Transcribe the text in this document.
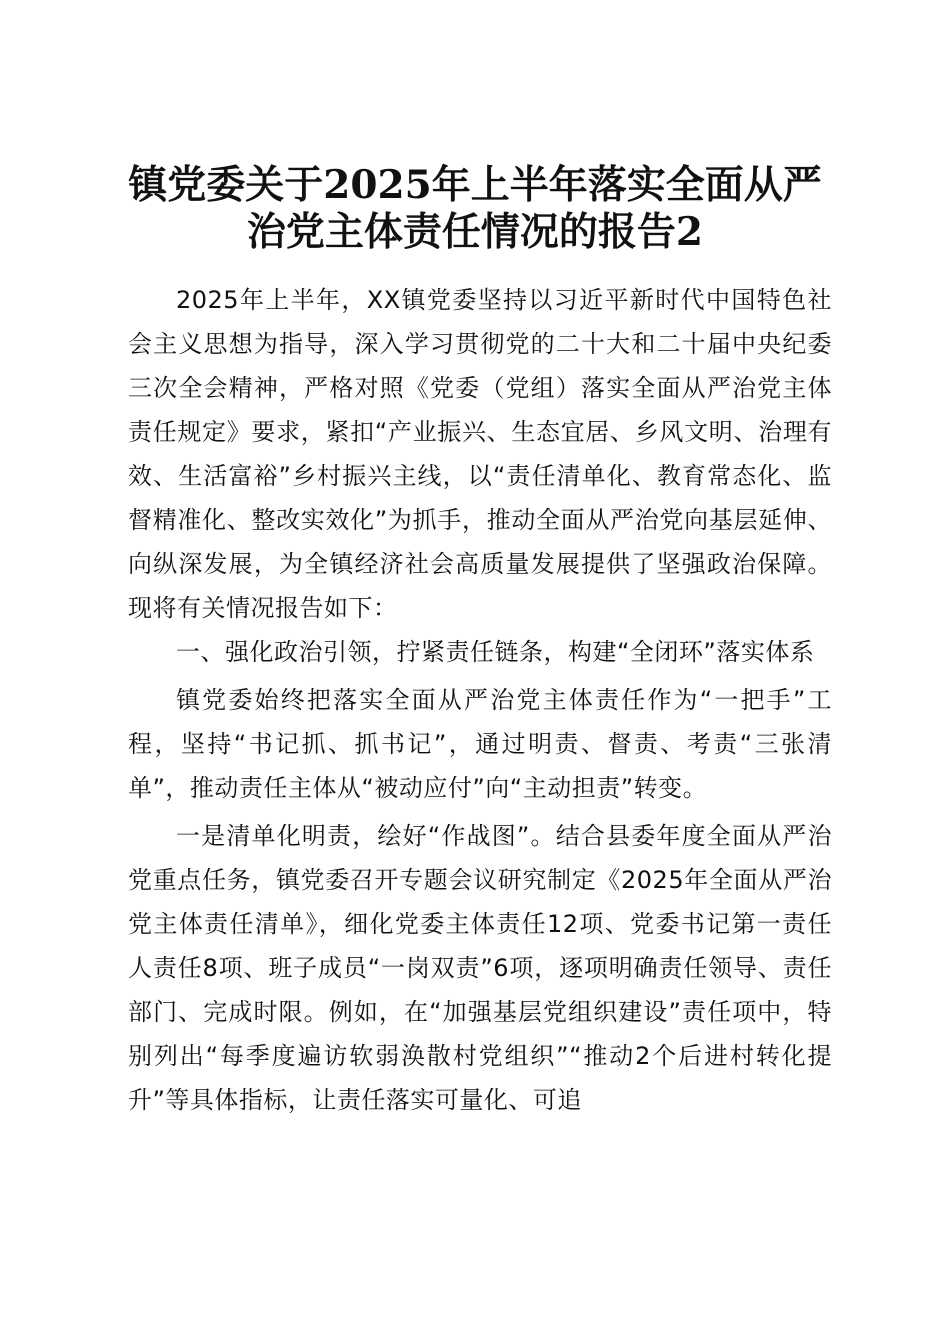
镇党委关于2025年上半年落实全面从严治党主体责任情况的报告2

2025年上半年，XX镇党委坚持以习近平新时代中国特色社会主义思想为指导，深入学习贯彻党的二十大和二十届中央纪委三次全会精神，严格对照《党委（党组）落实全面从严治党主体责任规定》要求，紧扣“产业振兴、生态宜居、乡风文明、治理有效、生活富裕”乡村振兴主线，以“责任清单化、教育常态化、监督精准化、整改实效化”为抓手，推动全面从严治党向基层延伸、向纵深发展，为全镇经济社会高质量发展提供了坚强政治保障。现将有关情况报告如下：

一、强化政治引领，拧紧责任链条，构建“全闭环”落实体系

镇党委始终把落实全面从严治党主体责任作为“一把手”工程，坚持“书记抓、抓书记”，通过明责、督责、考责“三张清单”，推动责任主体从“被动应付”向“主动担责”转变。

一是清单化明责，绘好“作战图”。结合县委年度全面从严治党重点任务，镇党委召开专题会议研究制定《2025年全面从严治党主体责任清单》，细化党委主体责任12项、党委书记第一责任人责任8项、班子成员“一岗双责”6项，逐项明确责任领导、责任部门、完成时限。例如，在“加强基层党组织建设”责任项中，特别列出“每季度遍访软弱涣散村党组织”“推动2个后进村转化提升”等具体指标，让责任落实可量化、可追
